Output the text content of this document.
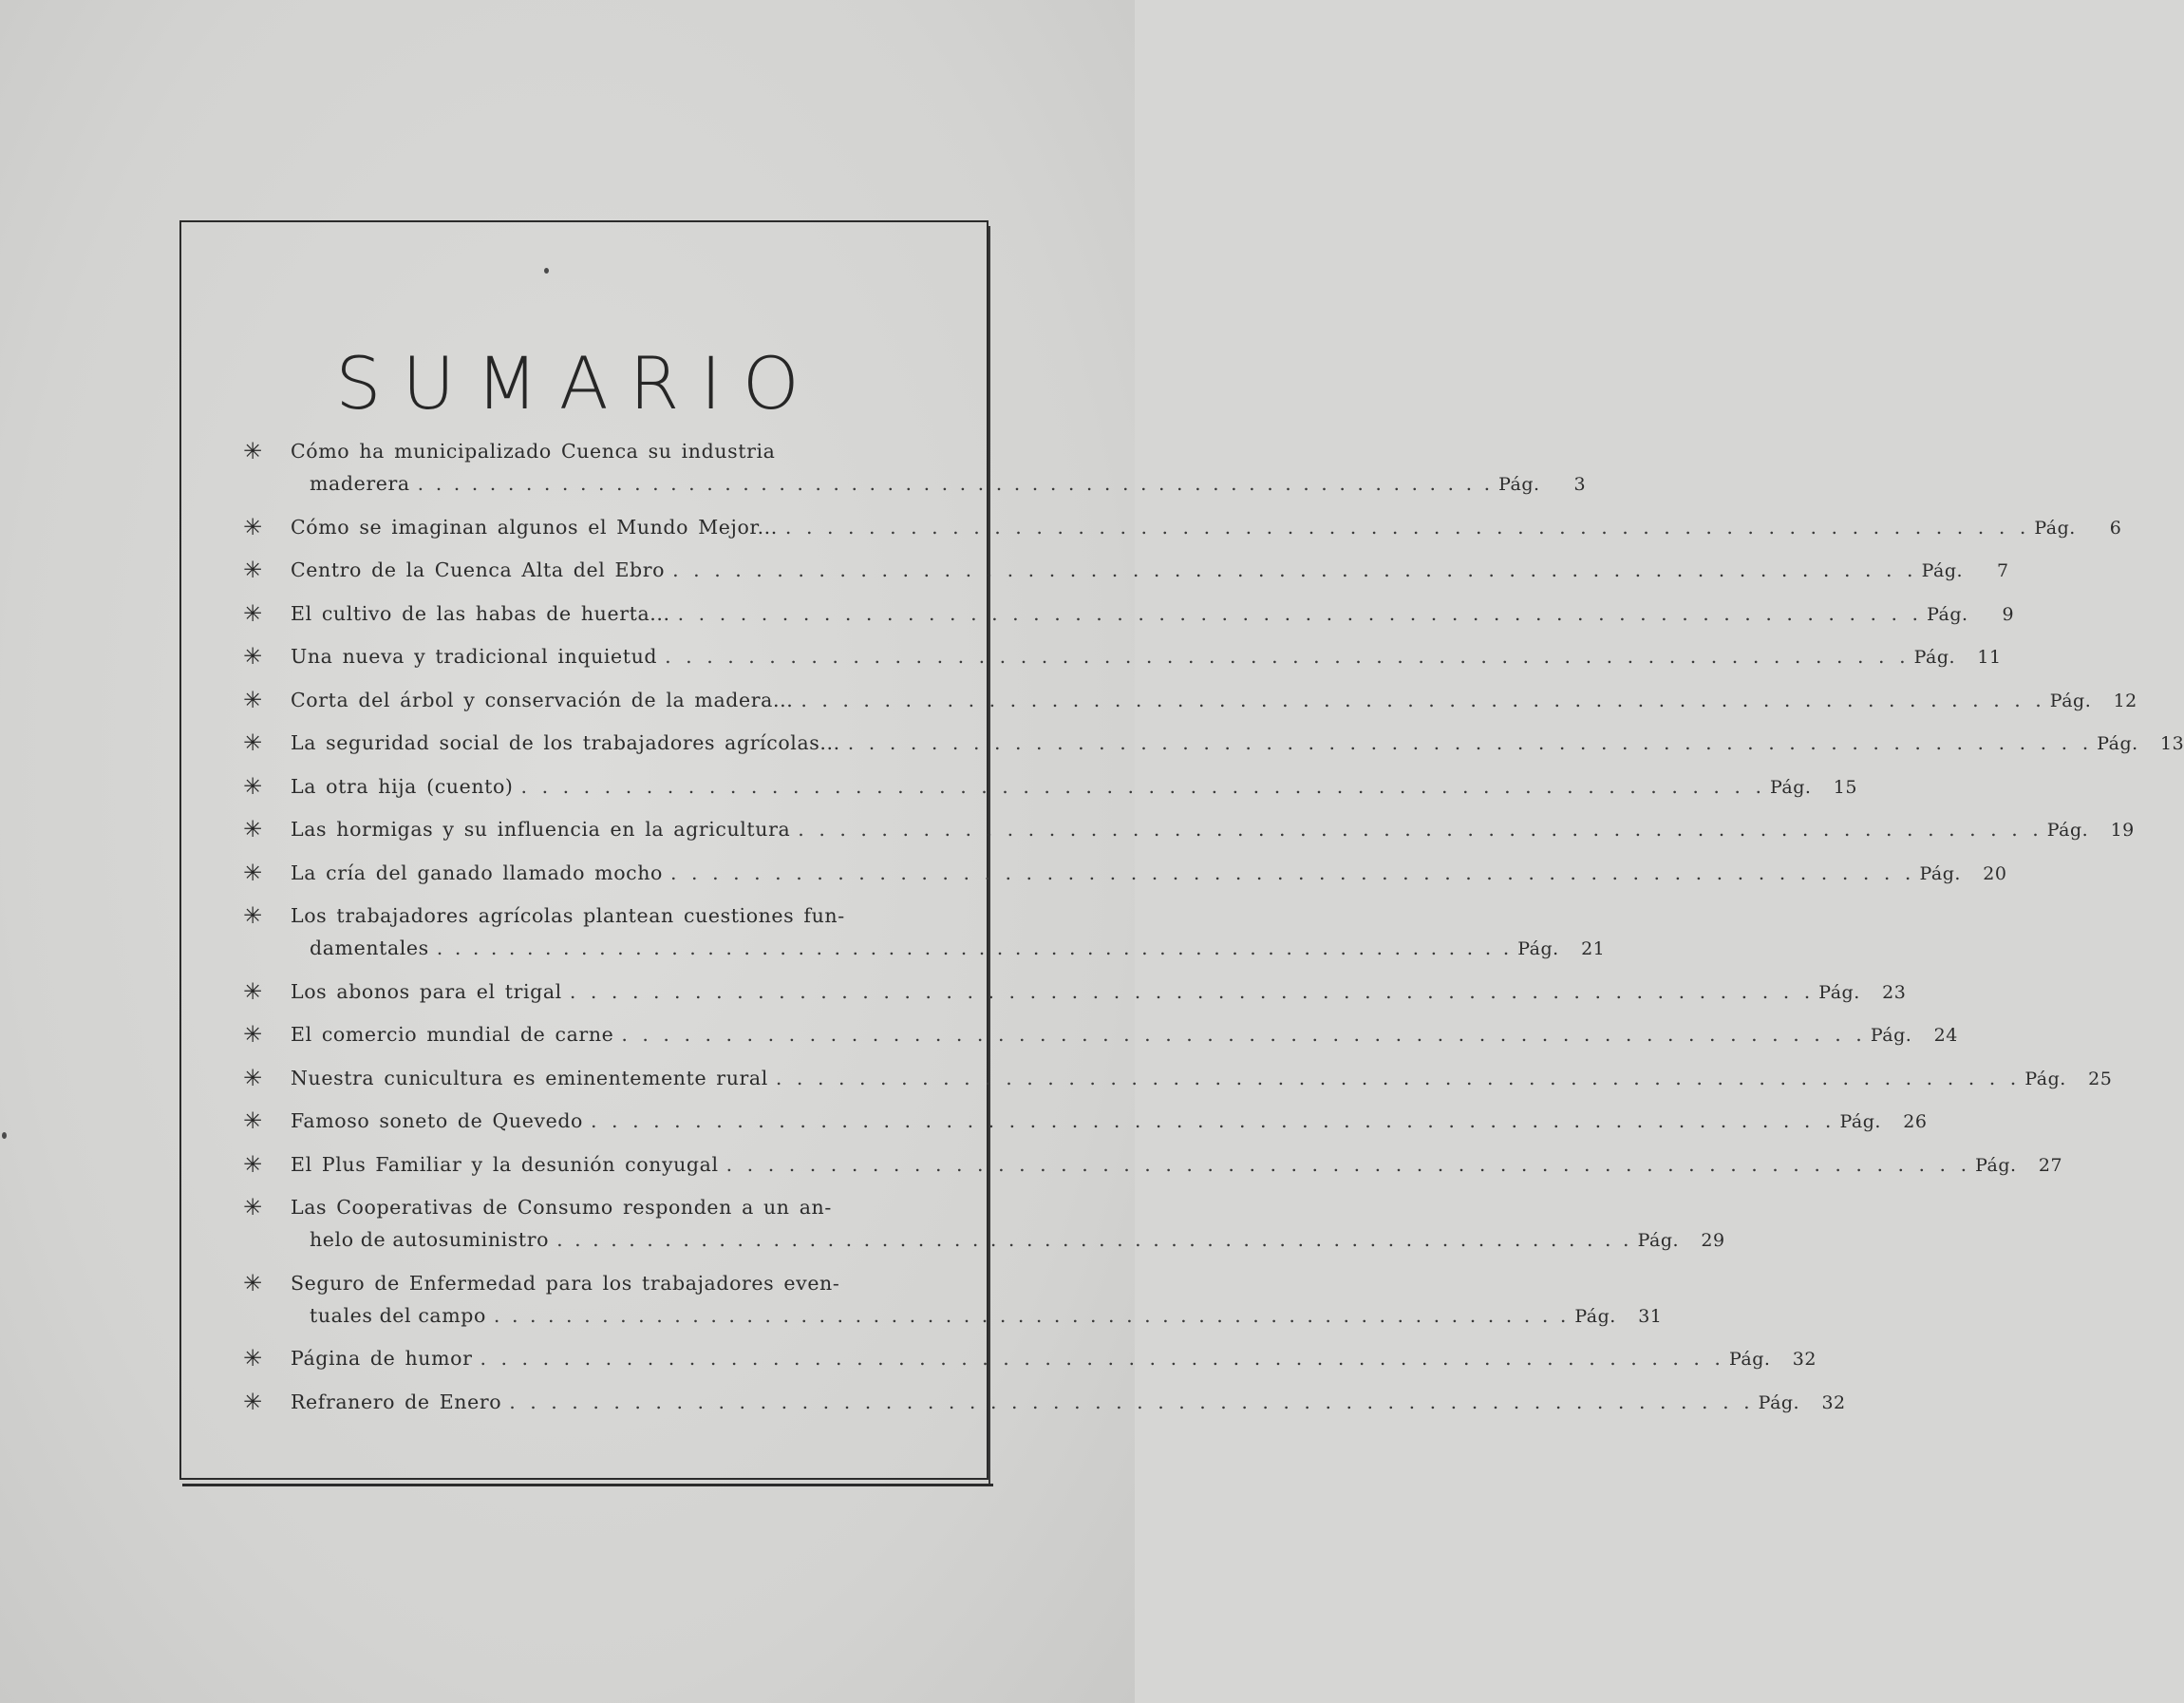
SUMARIO
✳	Cómo ha municipalizado Cuenca su industria
maderera . . . . . . . . . . . . . . . . . . . . . . . . . . . . . . . . . . . . . . . . . . . . . . . . . . . . . . . . . . . . Pág. 3
✳	Cómo se imaginan algunos el Mundo Mejor... . . . . . . . . . . . . . . . . . . . . . . . . . . . . . . . . . . . . . . . . . . . . . . . . . . . . . . . . . . . . Pág. 6
✳	Centro de la Cuenca Alta del Ebro . . . . . . . . . . . . . . . . . . . . . . . . . . . . . . . . . . . . . . . . . . . . . . . . . . . . . . . . . . . . Pág. 7
✳	El cultivo de las habas de huerta... . . . . . . . . . . . . . . . . . . . . . . . . . . . . . . . . . . . . . . . . . . . . . . . . . . . . . . . . . . . . Pág. 9
✳	Una nueva y tradicional inquietud . . . . . . . . . . . . . . . . . . . . . . . . . . . . . . . . . . . . . . . . . . . . . . . . . . . . . . . . . . . . Pág. 11
✳	Corta del árbol y conservación de la madera... . . . . . . . . . . . . . . . . . . . . . . . . . . . . . . . . . . . . . . . . . . . . . . . . . . . . . . . . . . . . Pág. 12
✳	La seguridad social de los trabajadores agrícolas... . . . . . . . . . . . . . . . . . . . . . . . . . . . . . . . . . . . . . . . . . . . . . . . . . . . . . . . . . . . . Pág. 13
✳	La otra hija (cuento) . . . . . . . . . . . . . . . . . . . . . . . . . . . . . . . . . . . . . . . . . . . . . . . . . . . . . . . . . . . . Pág. 15
✳	Las hormigas y su influencia en la agricultura . . . . . . . . . . . . . . . . . . . . . . . . . . . . . . . . . . . . . . . . . . . . . . . . . . . . . . . . . . . . Pág. 19
✳	La cría del ganado llamado mocho . . . . . . . . . . . . . . . . . . . . . . . . . . . . . . . . . . . . . . . . . . . . . . . . . . . . . . . . . . . . Pág. 20
✳	Los trabajadores agrícolas plantean cuestiones fun-
damentales . . . . . . . . . . . . . . . . . . . . . . . . . . . . . . . . . . . . . . . . . . . . . . . . . . . . . . . . . . . . Pág. 21
✳	Los abonos para el trigal . . . . . . . . . . . . . . . . . . . . . . . . . . . . . . . . . . . . . . . . . . . . . . . . . . . . . . . . . . . . Pág. 23
✳	El comercio mundial de carne . . . . . . . . . . . . . . . . . . . . . . . . . . . . . . . . . . . . . . . . . . . . . . . . . . . . . . . . . . . . Pág. 24
✳	Nuestra cunicultura es eminentemente rural . . . . . . . . . . . . . . . . . . . . . . . . . . . . . . . . . . . . . . . . . . . . . . . . . . . . . . . . . . . . Pág. 25
✳	Famoso soneto de Quevedo . . . . . . . . . . . . . . . . . . . . . . . . . . . . . . . . . . . . . . . . . . . . . . . . . . . . . . . . . . . . Pág. 26
✳	El Plus Familiar y la desunión conyugal . . . . . . . . . . . . . . . . . . . . . . . . . . . . . . . . . . . . . . . . . . . . . . . . . . . . . . . . . . . . Pág. 27
✳	Las Cooperativas de Consumo responden a un an-
helo de autosuministro . . . . . . . . . . . . . . . . . . . . . . . . . . . . . . . . . . . . . . . . . . . . . . . . . . . . . . . . . . . . Pág. 29
✳	Seguro de Enfermedad para los trabajadores even-
tuales del campo . . . . . . . . . . . . . . . . . . . . . . . . . . . . . . . . . . . . . . . . . . . . . . . . . . . . . . . . . . . . Pág. 31
✳	Página de humor . . . . . . . . . . . . . . . . . . . . . . . . . . . . . . . . . . . . . . . . . . . . . . . . . . . . . . . . . . . . Pág. 32
✳	Refranero de Enero . . . . . . . . . . . . . . . . . . . . . . . . . . . . . . . . . . . . . . . . . . . . . . . . . . . . . . . . . . . . Pág. 32
